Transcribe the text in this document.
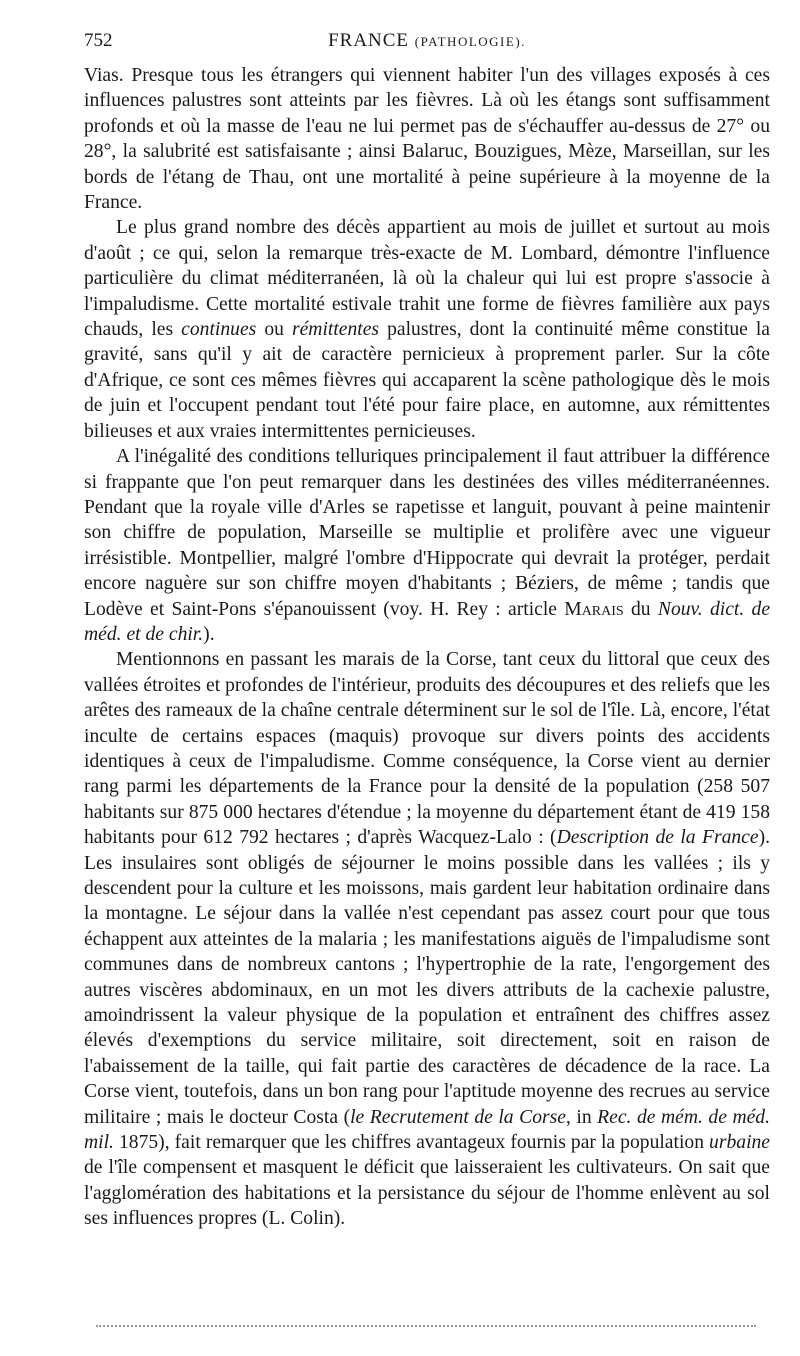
752	FRANCE (PATHOLOGIE).

Vias. Presque tous les étrangers qui viennent habiter l'un des villages exposés à ces influences palustres sont atteints par les fièvres. Là où les étangs sont suffisamment profonds et où la masse de l'eau ne lui permet pas de s'échauffer au-dessus de 27° ou 28°, la salubrité est satisfaisante ; ainsi Balaruc, Bouzigues, Mèze, Marseillan, sur les bords de l'étang de Thau, ont une mortalité à peine supérieure à la moyenne de la France.

Le plus grand nombre des décès appartient au mois de juillet et surtout au mois d'août ; ce qui, selon la remarque très-exacte de M. Lombard, démontre l'influence particulière du climat méditerranéen, là où la chaleur qui lui est propre s'associe à l'impaludisme. Cette mortalité estivale trahit une forme de fièvres familière aux pays chauds, les continues ou rémittentes palustres, dont la continuité même constitue la gravité, sans qu'il y ait de caractère pernicieux à proprement parler. Sur la côte d'Afrique, ce sont ces mêmes fièvres qui accaparent la scène pathologique dès le mois de juin et l'occupent pendant tout l'été pour faire place, en automne, aux rémittentes bilieuses et aux vraies intermittentes pernicieuses.

A l'inégalité des conditions telluriques principalement il faut attribuer la différence si frappante que l'on peut remarquer dans les destinées des villes méditerranéennes. Pendant que la royale ville d'Arles se rapetisse et languit, pouvant à peine maintenir son chiffre de population, Marseille se multiplie et prolifère avec une vigueur irrésistible. Montpellier, malgré l'ombre d'Hippocrate qui devrait la protéger, perdait encore naguère sur son chiffre moyen d'habitants ; Béziers, de même ; tandis que Lodève et Saint-Pons s'épanouissent (voy. H. Rey : article Marais du Nouv. dict. de méd. et de chir.).

Mentionnons en passant les marais de la Corse, tant ceux du littoral que ceux des vallées étroites et profondes de l'intérieur, produits des découpures et des reliefs que les arêtes des rameaux de la chaîne centrale déterminent sur le sol de l'île. Là, encore, l'état inculte de certains espaces (maquis) provoque sur divers points des accidents identiques à ceux de l'impaludisme. Comme conséquence, la Corse vient au dernier rang parmi les départements de la France pour la densité de la population (258 507 habitants sur 875 000 hectares d'étendue ; la moyenne du département étant de 419 158 habitants pour 612 792 hectares ; d'après Wacquez-Lalo : (Description de la France). Les insulaires sont obligés de séjourner le moins possible dans les vallées ; ils y descendent pour la culture et les moissons, mais gardent leur habitation ordinaire dans la montagne. Le séjour dans la vallée n'est cependant pas assez court pour que tous échappent aux atteintes de la malaria ; les manifestations aiguës de l'impaludisme sont communes dans de nombreux cantons ; l'hypertrophie de la rate, l'engorgement des autres viscères abdominaux, en un mot les divers attributs de la cachexie palustre, amoindrissent la valeur physique de la population et entraînent des chiffres assez élevés d'exemptions du service militaire, soit directement, soit en raison de l'abaissement de la taille, qui fait partie des caractères de décadence de la race. La Corse vient, toutefois, dans un bon rang pour l'aptitude moyenne des recrues au service militaire ; mais le docteur Costa (le Recrutement de la Corse, in Rec. de mém. de méd. mil. 1875), fait remarquer que les chiffres avantageux fournis par la population urbaine de l'île compensent et masquent le déficit que laisseraient les cultivateurs. On sait que l'agglomération des habitations et la persistance du séjour de l'homme enlèvent au sol ses influences propres (L. Colin).
